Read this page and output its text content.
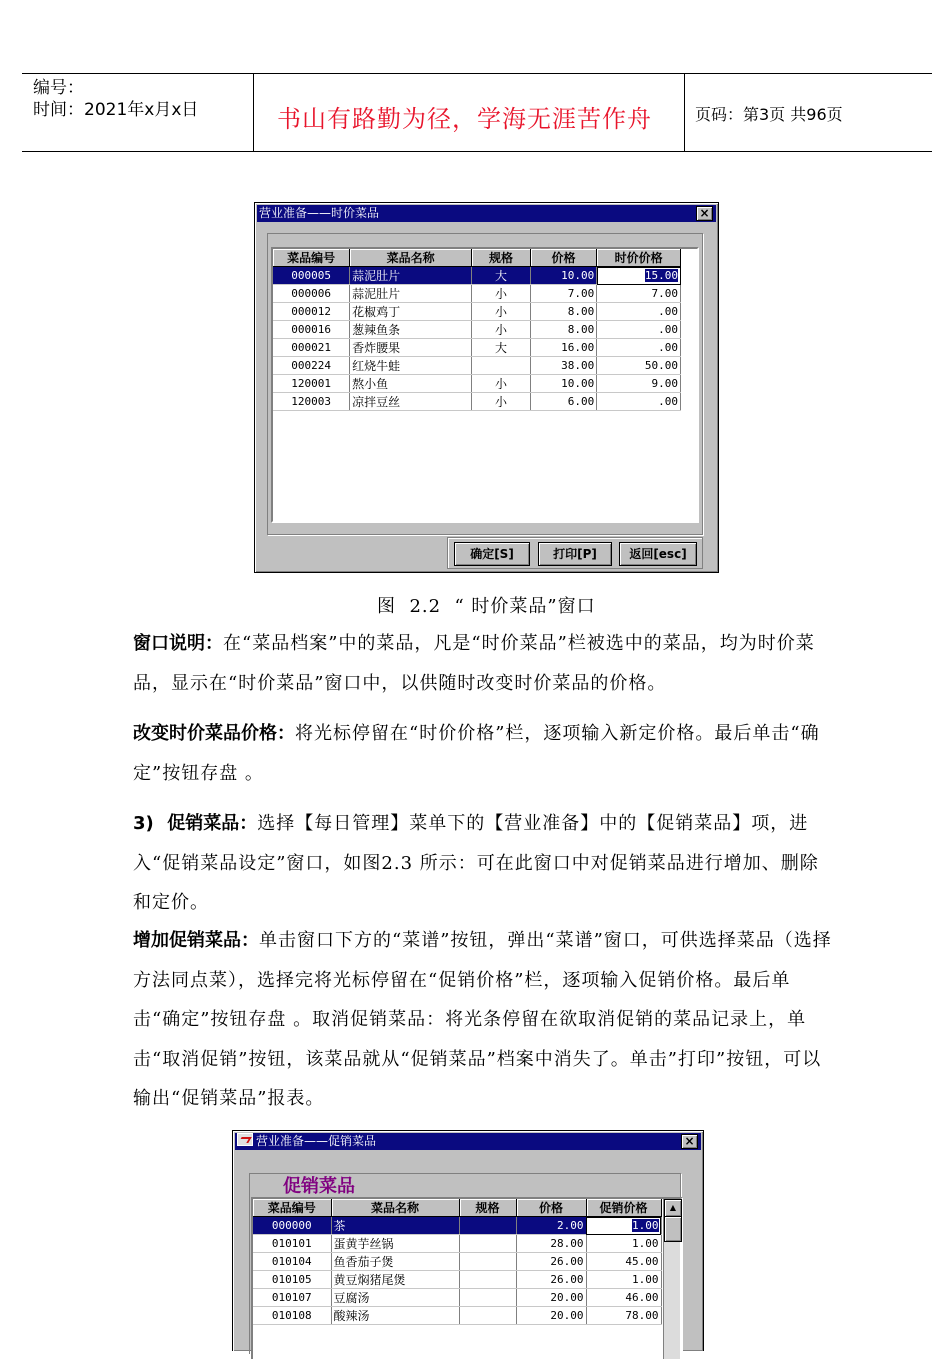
编号：
时间：2021年x月x日	书山有路勤为径，学海无涯苦作舟	页码：第3页 共96页
营业准备——时价菜品	×
菜品编号	菜品名称	规格	价格	时价价格
000005	蒜泥肚片	大	10.00	15.00
000006	蒜泥肚片	小	7.00	7.00
000012	花椒鸡丁	小	8.00	.00
000016	葱辣鱼条	小	8.00	.00
000021	香炸腰果	大	16.00	.00
000224	红烧牛蛙		38.00	50.00
120001	熬小鱼	小	10.00	9.00
120003	凉拌豆丝	小	6.00	.00
确定[S]	打印[P]	返回[esc]
图  2.2  “ 时价菜品”窗口
窗口说明：在“菜品档案”中的菜品，凡是“时价菜品”栏被选中的菜品，均为时价菜品，显示在“时价菜品”窗口中，以供随时改变时价菜品的价格。
改变时价菜品价格：将光标停留在“时价价格”栏，逐项输入新定价格。最后单击“确定”按钮存盘 。
3) 促销菜品：选择【每日管理】菜单下的【营业准备】中的【促销菜品】项，进入“促销菜品设定”窗口，如图2.3 所示：可在此窗口中对促销菜品进行增加、删除和定价。
增加促销菜品：单击窗口下方的“菜谱”按钮，弹出“菜谱”窗口，可供选择菜品（选择方法同点菜），选择完将光标停留在“促销价格”栏，逐项输入促销价格。最后单击“确定”按钮存盘 。取消促销菜品：将光条停留在欲取消促销的菜品记录上，单击“取消促销”按钮，该菜品就从“促销菜品”档案中消失了。单击”打印”按钮，可以输出“促销菜品”报表。
营业准备——促销菜品	×
菜品编号	菜品名称	规格	价格	促销价格
000000	茶		2.00	1.00
010101	蛋黄芋丝锅		28.00	1.00
010104	鱼香茄子煲		26.00	45.00
010105	黄豆焖猪尾煲		26.00	1.00
010107	豆腐汤		20.00	46.00
010108	酸辣汤		20.00	78.00
▲
促销菜品
